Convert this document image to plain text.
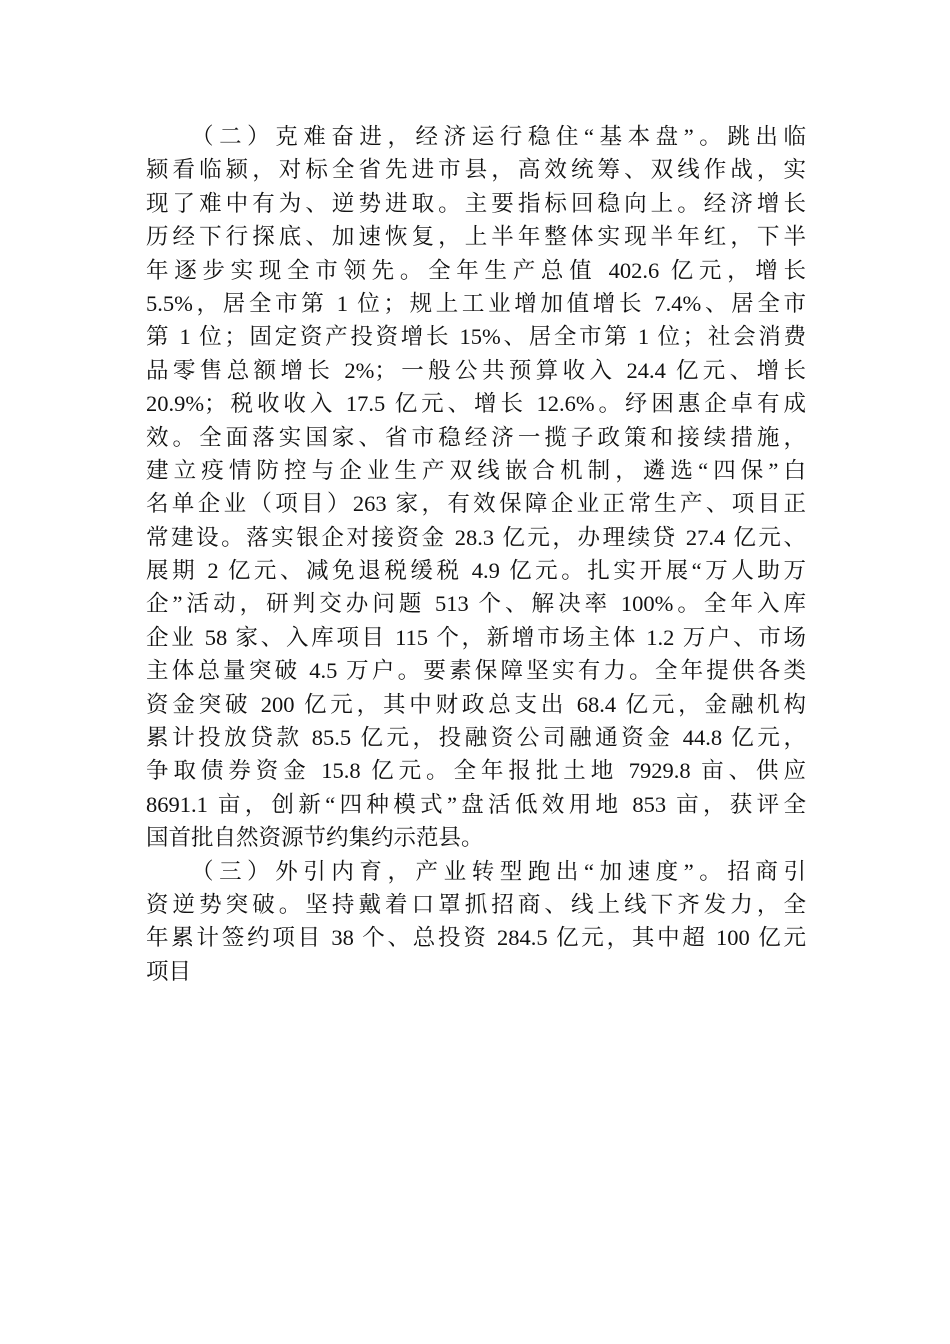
（二）克难奋进，经济运行稳住“基本盘”。跳出临
颍看临颍，对标全省先进市县，高效统筹、双线作战，实
现了难中有为、逆势进取。主要指标回稳向上。经济增长
历经下行探底、加速恢复，上半年整体实现半年红，下半
年逐步实现全市领先。全年生产总值 402.6 亿元，增长
5.5%，居全市第 1 位；规上工业增加值增长 7.4%、居全市
第 1 位；固定资产投资增长 15%、居全市第 1 位；社会消费
品零售总额增长 2%；一般公共预算收入 24.4 亿元、增长
20.9%；税收收入 17.5 亿元、增长 12.6%。纾困惠企卓有成
效。全面落实国家、省市稳经济一揽子政策和接续措施，
建立疫情防控与企业生产双线嵌合机制，遴选“四保”白
名单企业（项目）263 家，有效保障企业正常生产、项目正
常建设。落实银企对接资金 28.3 亿元，办理续贷 27.4 亿元、
展期 2 亿元、减免退税缓税 4.9 亿元。扎实开展“万人助万
企”活动，研判交办问题 513 个、解决率 100%。全年入库
企业 58 家、入库项目 115 个，新增市场主体 1.2 万户、市场
主体总量突破 4.5 万户。要素保障坚实有力。全年提供各类
资金突破 200 亿元，其中财政总支出 68.4 亿元，金融机构
累计投放贷款 85.5 亿元，投融资公司融通资金 44.8 亿元，
争取债券资金 15.8 亿元。全年报批土地 7929.8 亩、供应
8691.1 亩，创新“四种模式”盘活低效用地 853 亩，获评全
国首批自然资源节约集约示范县。
（三）外引内育，产业转型跑出“加速度”。招商引
资逆势突破。坚持戴着口罩抓招商、线上线下齐发力，全
年累计签约项目 38 个、总投资 284.5 亿元，其中超 100 亿元
项目
